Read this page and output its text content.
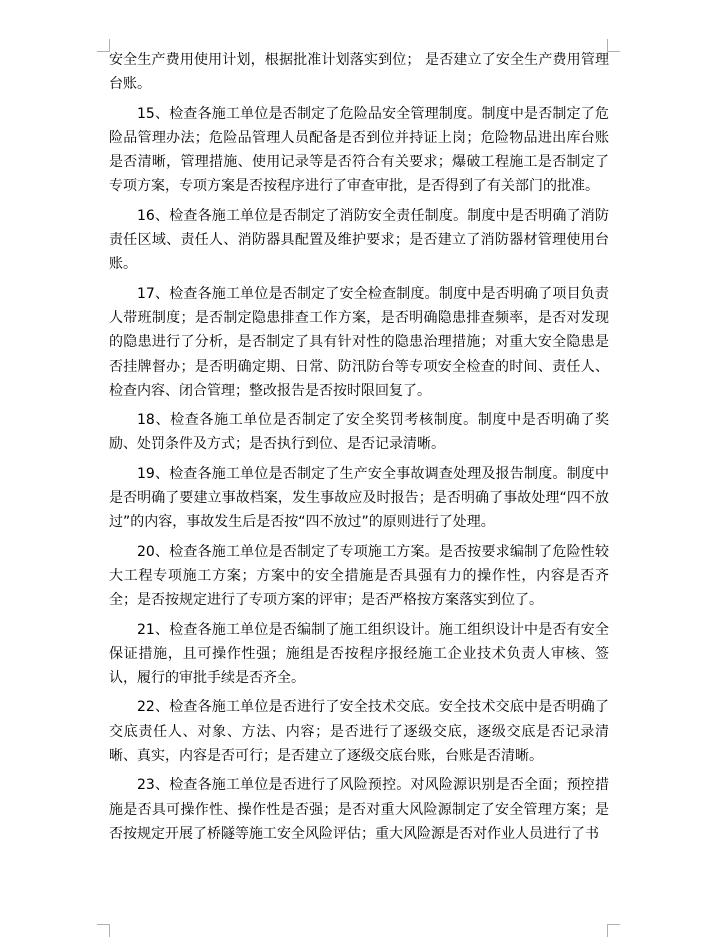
安全生产费用使用计划，根据批准计划落实到位； 是否建立了安全生产费用管理台账。

15、检查各施工单位是否制定了危险品安全管理制度。制度中是否制定了危险品管理办法；危险品管理人员配备是否到位并持证上岗；危险物品进出库台账是否清晰，管理措施、使用记录等是否符合有关要求；爆破工程施工是否制定了专项方案，专项方案是否按程序进行了审查审批，是否得到了有关部门的批准。

16、检查各施工单位是否制定了消防安全责任制度。制度中是否明确了消防责任区域、责任人、消防器具配置及维护要求；是否建立了消防器材管理使用台账。

17、检查各施工单位是否制定了安全检查制度。制度中是否明确了项目负责人带班制度；是否制定隐患排查工作方案，是否明确隐患排查频率，是否对发现的隐患进行了分析，是否制定了具有针对性的隐患治理措施；对重大安全隐患是否挂牌督办；是否明确定期、日常、防汛防台等专项安全检查的时间、责任人、检查内容、闭合管理；整改报告是否按时限回复了。

18、检查各施工单位是否制定了安全奖罚考核制度。制度中是否明确了奖励、处罚条件及方式；是否执行到位、是否记录清晰。

19、检查各施工单位是否制定了生产安全事故调查处理及报告制度。制度中是否明确了要建立事故档案，发生事故应及时报告；是否明确了事故处理“四不放过”的内容，事故发生后是否按“四不放过”的原则进行了处理。

20、检查各施工单位是否制定了专项施工方案。是否按要求编制了危险性较大工程专项施工方案；方案中的安全措施是否具强有力的操作性，内容是否齐全；是否按规定进行了专项方案的评审；是否严格按方案落实到位了。

21、检查各施工单位是否编制了施工组织设计。施工组织设计中是否有安全保证措施，且可操作性强；施组是否按程序报经施工企业技术负责人审核、签认，履行的审批手续是否齐全。

22、检查各施工单位是否进行了安全技术交底。安全技术交底中是否明确了交底责任人、对象、方法、内容；是否进行了逐级交底，逐级交底是否记录清晰、真实，内容是否可行；是否建立了逐级交底台账，台账是否清晰。

23、检查各施工单位是否进行了风险预控。对风险源识别是否全面；预控措施是否具可操作性、操作性是否强；是否对重大风险源制定了安全管理方案；是否按规定开展了桥隧等施工安全风险评估；重大风险源是否对作业人员进行了书
